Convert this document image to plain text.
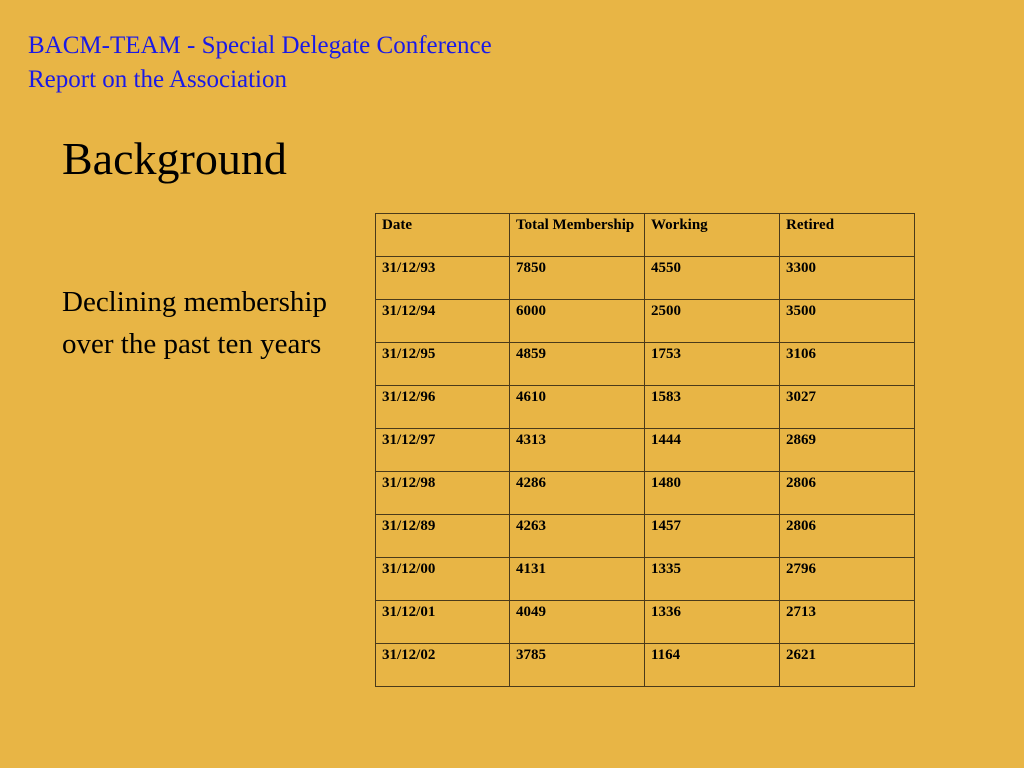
BACM-TEAM - Special Delegate Conference
Report on the Association
Background
Declining membership over the past ten years
Date	Total Membership	Working	Retired
31/12/93	7850	4550	3300
31/12/94	6000	2500	3500
31/12/95	4859	1753	3106
31/12/96	4610	1583	3027
31/12/97	4313	1444	2869
31/12/98	4286	1480	2806
31/12/89	4263	1457	2806
31/12/00	4131	1335	2796
31/12/01	4049	1336	2713
31/12/02	3785	1164	2621
